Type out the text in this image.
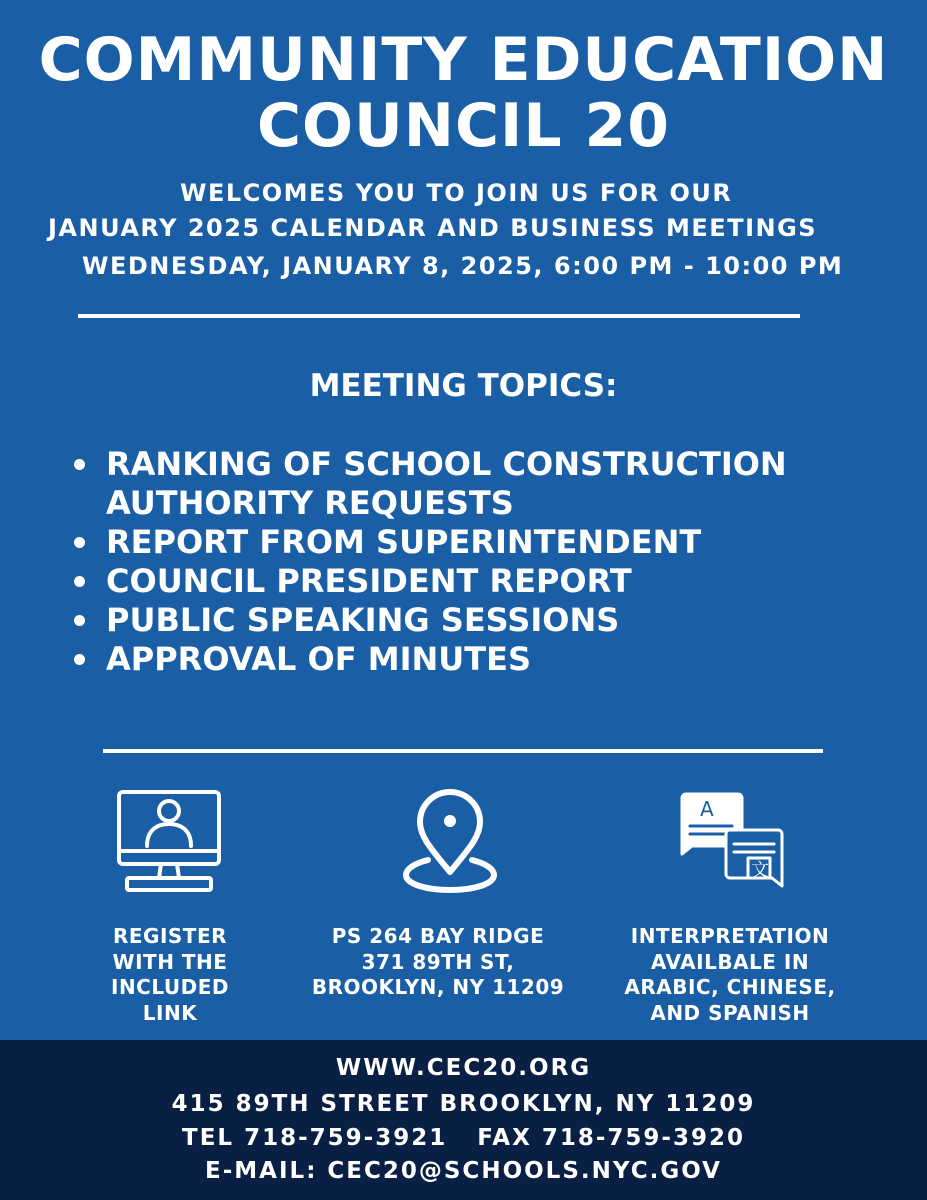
COMMUNITY EDUCATION
COUNCIL 20
WELCOMES YOU TO JOIN US FOR OUR
JANUARY 2025 CALENDAR AND BUSINESS MEETINGS
WEDNESDAY, JANUARY 8, 2025, 6:00 PM - 10:00 PM
MEETING TOPICS:
RANKING OF SCHOOL CONSTRUCTION AUTHORITY REQUESTS
REPORT FROM SUPERINTENDENT
COUNCIL PRESIDENT REPORT
PUBLIC SPEAKING SESSIONS
APPROVAL OF MINUTES
A
文
REGISTER
WITH THE
INCLUDED
LINK
PS 264 BAY RIDGE
371 89TH ST,
BROOKLYN, NY 11209
INTERPRETATION
AVAILBALE IN
ARABIC, CHINESE,
AND SPANISH
WWW.CEC20.ORG
415 89TH STREET BROOKLYN, NY 11209
TEL 718-759-3921 FAX 718-759-3920
E-MAIL: CEC20@SCHOOLS.NYC.GOV
